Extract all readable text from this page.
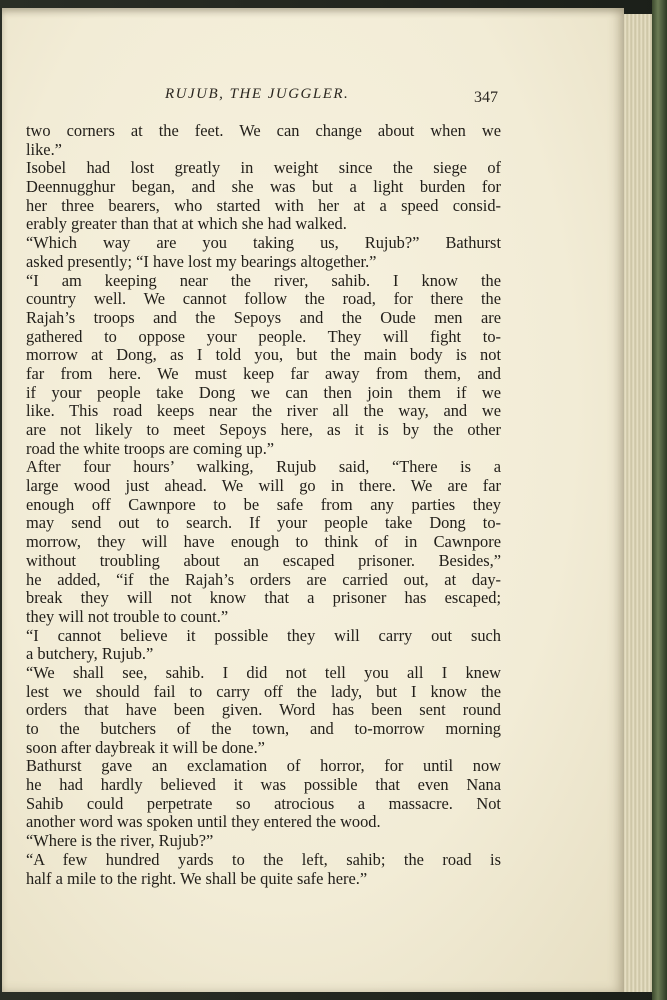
RUJUB, THE JUGGLER.	347
two corners at the feet. We can change about when we
like.”
Isobel had lost greatly in weight since the siege of
Deennugghur began, and she was but a light burden for
her three bearers, who started with her at a speed consid-
erably greater than that at which she had walked.
“Which way are you taking us, Rujub?” Bathurst
asked presently; “I have lost my bearings altogether.”
“I am keeping near the river, sahib. I know the
country well. We cannot follow the road, for there the
Rajah’s troops and the Sepoys and the Oude men are
gathered to oppose your people. They will fight to-
morrow at Dong, as I told you, but the main body is not
far from here. We must keep far away from them, and
if your people take Dong we can then join them if we
like. This road keeps near the river all the way, and we
are not likely to meet Sepoys here, as it is by the other
road the white troops are coming up.”
After four hours’ walking, Rujub said, “There is a
large wood just ahead. We will go in there. We are far
enough off Cawnpore to be safe from any parties they
may send out to search. If your people take Dong to-
morrow, they will have enough to think of in Cawnpore
without troubling about an escaped prisoner. Besides,”
he added, “if the Rajah’s orders are carried out, at day-
break they will not know that a prisoner has escaped;
they will not trouble to count.”
“I cannot believe it possible they will carry out such
a butchery, Rujub.”
“We shall see, sahib. I did not tell you all I knew
lest we should fail to carry off the lady, but I know the
orders that have been given. Word has been sent round
to the butchers of the town, and to-morrow morning
soon after daybreak it will be done.”
Bathurst gave an exclamation of horror, for until now
he had hardly believed it was possible that even Nana
Sahib could perpetrate so atrocious a massacre. Not
another word was spoken until they entered the wood.
“Where is the river, Rujub?”
“A few hundred yards to the left, sahib; the road is
half a mile to the right. We shall be quite safe here.”
